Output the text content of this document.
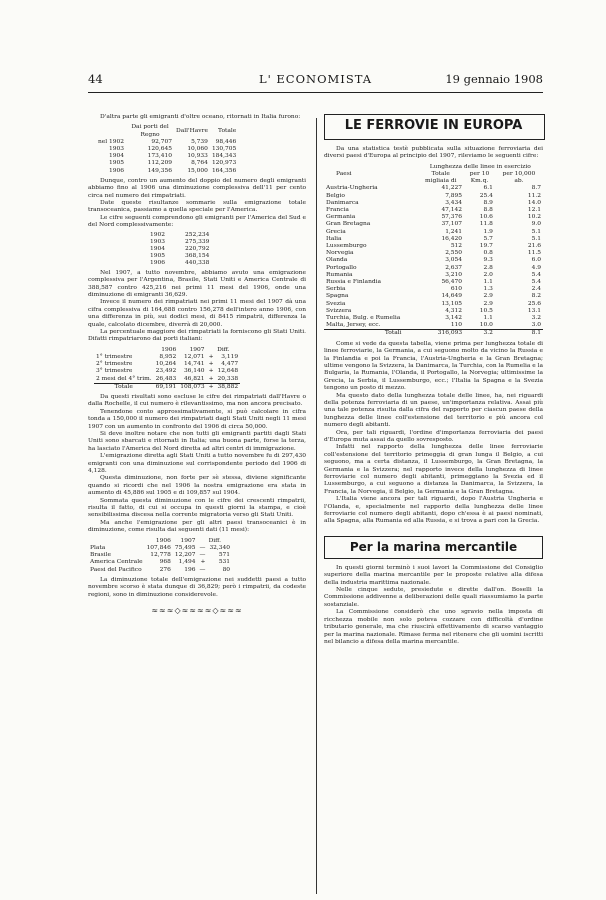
44	L' ECONOMISTA	19 gennaio 1908

D'altra parte gli emigranti d'oltre oceano, ritornati in Italia furono:

	Dai porti del Regno	Dall'Havre	Totale
nel 1902	92,707	5,739	98,446
1903	120,645	10,060	130,705
1904	173,410	10,933	184,343
1905	112,209	8,764	120,973
1906	149,356	15,000	164,356

Dunque, contro un aumento del doppio del numero degli emigranti abbiamo fino al 1906 una diminuzione complessiva dell'11 per cento circa nel numero dei rimpatriati.

Date queste risultanze sommarie sulla emigrazione totale transoceanica, passiamo a quella speciale per l'America.

Le cifre seguenti comprendono gli emigranti per l'America del Sud e del Nord complessivamente:

1902	252,234
1903	275,339
1904	220,792
1905	368,154
1906	440,338

Nel 1907, a tutto novembre, abbiamo avuto una emigrazione complessiva per l'Argentina, Brasile, Stati Uniti e America Centrale di 388,587 contro 425,216 nei primi 11 mesi del 1906, onde una diminuzione di emigranti 36,629.

Invece il numero dei rimpatriati nei primi 11 mesi del 1907 dà una cifra complessiva di 164,688 contro 156,278 dell'intero anno 1906, con una differenza in più, sui dodici mesi, di 8415 rimpatrii, differenza la quale, calcolato dicembre, diverrà di 20,000.

La percentuale maggiore dei rimpatriati la forniscono gli Stati Uniti. Difatti rimpatriarono dai porti italiani:

	1906	1907	Diff.	
1° trimestre	8,952	12,071	+	3,119
2° trimestre	10,264	14,741	+	4,477
3° trimestre	23,492	36,140	+	12,648
2 mesi del 4° trim.	26,483	46,821	+	20,338
Totale	69,191	108,073	+	38,882

Da questi risultati sono escluse le cifre dei rimpatriati dall'Havre o dalla Rochelle, il cui numero è rilevantissimo, ma non ancora precisato.

Tenendone conto approssimativamente, si può calcolare in cifra tonda a 150,000 il numero dei rimpatriati dagli Stati Uniti negli 11 mesi 1907 con un aumento in confronto del 1906 di circa 50,000.

Si deve inoltre notare che non tutti gli emigranti partiti dagli Stati Uniti sono sbarcati e ritornati in Italia; una buona parte, forse la terza, ha lasciato l'America del Nord diretta ad altri centri di immigrazione.

L'emigrazione diretta agli Stati Uniti a tutto novembre fu di 297,430 emigranti con una diminuzione sul corrispondente periodo del 1906 di 4,128.

Questa diminuzione, non forte per sè stessa, diviene significante quando si ricordi che nel 1906 la nostra emigrazione era stata in aumento di 45,886 sul 1905 e di 109,857 sul 1904.

Sommata questa diminuzione con le cifre dei crescenti rimpatrii, risulta il fatto, di cui si occupa in questi giorni la stampa, e cioè sensibilissima discesa nella corrente migratoria verso gli Stati Uniti.

Ma anche l'emigrazione per gli altri paesi transoceanici è in diminuzione, come risulta dai seguenti dati (11 mesi):

	1906	1907	Diff.	
Plata	107,846	75,495	—	32,340
Brasile	12,778	12,207	—	571
America Centrale	968	1,494	+	531
Paesi del Pacifico	276	196	—	80

La diminuzione totale dell'emigrazione nei suddetti paesi a tutto novembre scorso è stata dunque di 36,829; però i rimpatrii, da codeste regioni, sono in diminuzione considerevole.

≈≈≈◇≈≈≈≈◇≈≈≈
LE FERROVIE IN EUROPA

Da una statistica testè pubblicata sulla situazione ferroviaria dei diversi paesi d'Europa al principio del 1907, rileviamo le seguenti cifre:

	Lunghezza delle linee in esercizio		
Paesi	Totale	per 10	per 10,000
	migliaia di	Km.q.	ab.
Austria-Ungheria	41,227	6.1	8.7
Belgio	7,895	25.4	11.2
Danimarca	3,434	8.9	14.0
Francia	47,142	8.8	12.1
Germania	57,376	10.6	10.2
Gran Bretagna	37,107	11.8	9.0
Grecia	1,241	1.9	5.1
Italia	16,420	5.7	5.1
Lussemburgo	512	19.7	21.6
Norvegia	2,550	0.8	11.5
Olanda	3,054	9.3	6.0
Portogallo	2,637	2.8	4.9
Rumania	3,210	2.0	5.4
Russia e Finlandia	56,470	1.1	5.4
Serbia	610	1.3	2.4
Spagna	14,649	2.9	8.2
Svezia	13,105	2.9	25.6
Svizzera	4,312	10.5	13.1
Turchia, Bulg. e Rumelia	3,142	1.1	3.2
Malta, Jersey, ecc.	110	10.0	3.0
Totali	316,093	3.2	8.1

Come si vede da questa tabella, viene prima per lunghezza totale di linee ferroviarie, la Germania, a cui seguono molto da vicino la Russia e la Finlandia e poi la Francia, l'Austria-Ungheria e la Gran Bretagna; ultime vengono la Svizzera, la Danimarca, la Turchia, con la Rumelia e la Bulgaria, la Rumania, l'Olanda, il Portogallo, la Norvegia; ultimissime la Grecia, la Serbia, il Lussemburgo, ecc.; l'Italia la Spagna e la Svezia tengono un posto di mezzo.

Ma questo dato della lunghezza totale delle linee, ha, nei riguardi della potenza ferroviaria di un paese, un'importanza relativa. Assai più una tale potenza risulta dalla cifra del rapporto per ciascun paese della lunghezza delle linee coll'estensione del territorio e più ancora col numero degli abitanti.

Ora, per tali riguardi, l'ordine d'importanza ferroviaria dei paesi d'Europa muta assai da quello sovresposto.

Infatti nel rapporto della lunghezza delle linee ferroviarie coll'estensione del territorio primeggia di gran lunga il Belgio, a cui seguono, ma a certa distanza, il Lussemburgo, la Gran Bretagna, la Germania e la Svizzera; nel rapporto invece della lunghezza di linee ferroviarie col numero degli abitanti, primeggiano la Svezia ed il Lussemburgo, a cui seguono a distanza la Danimarca, la Svizzera, la Francia, la Norvegia, il Belgio, la Germania e la Gran Bretagna.

L'Italia viene ancora per tali riguardi, dopo l'Austria Ungheria e l'Olanda, e, specialmente nel rapporto della lunghezza delle linee ferroviarie col numero degli abitanti, dopo ch'essa è ai paesi nominati, alla Spagna, alla Rumania ed alla Russia, e si trova a pari con la Grecia.

Per la marina mercantile

In questi giorni terminò i suoi lavori la Commissione del Consiglio superiore della marina mercantile per le proposte relative alla difesa della industria marittima nazionale.

Nelle cinque sedute, presiedute e dirette dall'on. Boselli la Commissione addivenne a deliberazioni delle quali riassumiamo la parte sostanziale.

La Commissione considerò che uno sgravio nella imposta di ricchezza mobile non solo poteva cozzare con difficoltà d'ordine tributario generale, ma che riuscirà effettivamente di scarso vantaggio per la marina nazionale. Rimase ferma nel ritenere che gli uomini iscritti nel bilancio a difesa della marina mercantile.
